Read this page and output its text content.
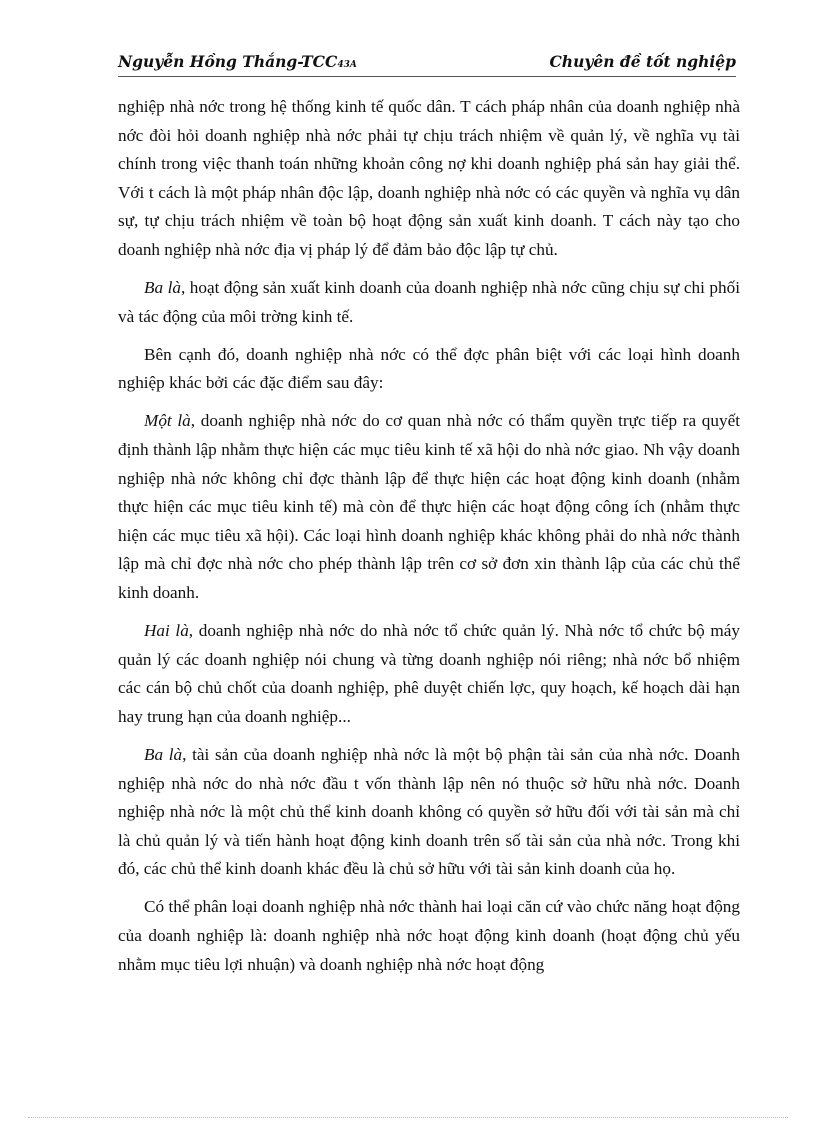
Nguyễn Hồng Thắng-TCC43A	Chuyên đề tốt nghiệp

nghiệp nhà nớc trong hệ thống kinh tế quốc dân. T cách pháp nhân của doanh nghiệp nhà nớc đòi hỏi doanh nghiệp nhà nớc phải tự chịu trách nhiệm về quản lý, về nghĩa vụ tài chính trong việc thanh toán những khoản công nợ khi doanh nghiệp phá sản hay giải thể. Với t cách là một pháp nhân độc lập, doanh nghiệp nhà nớc có các quyền và nghĩa vụ dân sự, tự chịu trách nhiệm về toàn bộ hoạt động sản xuất kinh doanh. T cách này tạo cho doanh nghiệp nhà nớc địa vị pháp lý để đảm bảo độc lập tự chủ.

Ba là, hoạt động sản xuất kinh doanh của doanh nghiệp nhà nớc cũng chịu sự chi phối và tác động của môi trờng kinh tế.

Bên cạnh đó, doanh nghiệp nhà nớc có thể đợc phân biệt với các loại hình doanh nghiệp khác bởi các đặc điểm sau đây:

Một là, doanh nghiệp nhà nớc do cơ quan nhà nớc có thẩm quyền trực tiếp ra quyết định thành lập nhằm thực hiện các mục tiêu kinh tế xã hội do nhà nớc giao. Nh vậy doanh nghiệp nhà nớc không chỉ đợc thành lập để thực hiện các hoạt động kinh doanh (nhằm thực hiện các mục tiêu kinh tế) mà còn để thực hiện các hoạt động công ích (nhằm thực hiện các mục tiêu xã hội). Các loại hình doanh nghiệp khác không phải do nhà nớc thành lập mà chỉ đợc nhà nớc cho phép thành lập trên cơ sở đơn xin thành lập của các chủ thể kinh doanh.

Hai là, doanh nghiệp nhà nớc do nhà nớc tổ chức quản lý. Nhà nớc tổ chức bộ máy quản lý các doanh nghiệp nói chung và từng doanh nghiệp nói riêng; nhà nớc bổ nhiệm các cán bộ chủ chốt của doanh nghiệp, phê duyệt chiến lợc, quy hoạch, kế hoạch dài hạn hay trung hạn của doanh nghiệp...

Ba là, tài sản của doanh nghiệp nhà nớc là một bộ phận tài sản của nhà nớc. Doanh nghiệp nhà nớc do nhà nớc đầu t vốn thành lập nên nó thuộc sở hữu nhà nớc. Doanh nghiệp nhà nớc là một chủ thể kinh doanh không có quyền sở hữu đối với tài sản mà chỉ là chủ quản lý và tiến hành hoạt động kinh doanh trên số tài sản của nhà nớc. Trong khi đó, các chủ thể kinh doanh khác đều là chủ sở hữu với tài sản kinh doanh của họ.

Có thể phân loại doanh nghiệp nhà nớc thành hai loại căn cứ vào chức năng hoạt động của doanh nghiệp là: doanh nghiệp nhà nớc hoạt động kinh doanh (hoạt động chủ yếu nhằm mục tiêu lợi nhuận) và doanh nghiệp nhà nớc hoạt động
